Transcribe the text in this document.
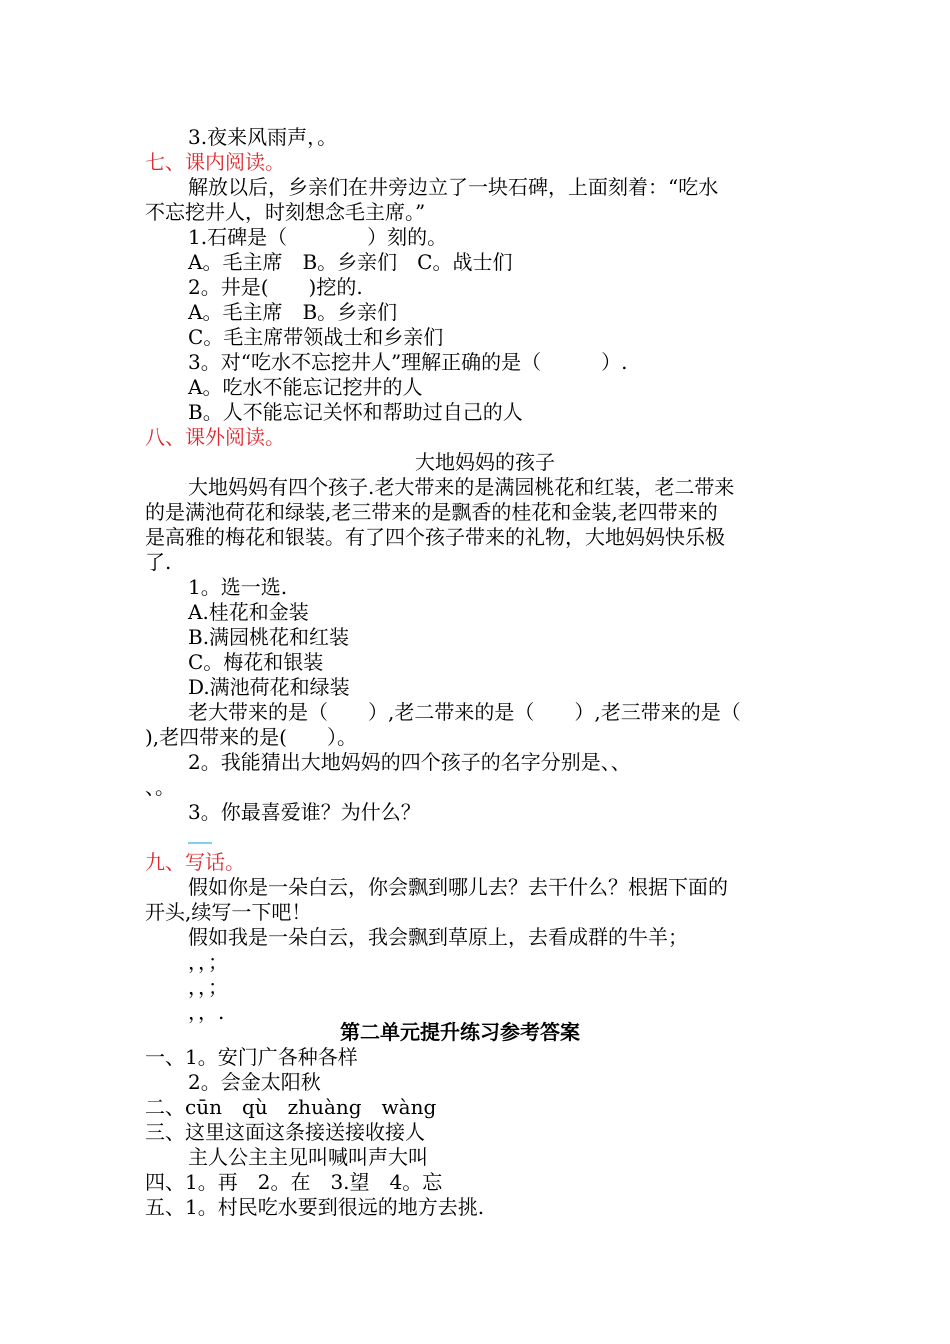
3.夜来风雨声，。
七、课内阅读。
解放以后，乡亲们在井旁边立了一块石碑，上面刻着：“吃水
不忘挖井人，时刻想念毛主席。”
1.石碑是（　　　　）刻的。
A。毛主席　B。乡亲们　C。战士们
2。井是(　　)挖的.
A。毛主席　B。乡亲们
C。毛主席带领战士和乡亲们
3。对“吃水不忘挖井人”理解正确的是（　　　）.
A。吃水不能忘记挖井的人
B。人不能忘记关怀和帮助过自己的人
八、课外阅读。
大地妈妈的孩子
大地妈妈有四个孩子.老大带来的是满园桃花和红装，老二带来
的是满池荷花和绿装,老三带来的是飘香的桂花和金装,老四带来的
是高雅的梅花和银装。有了四个孩子带来的礼物，大地妈妈快乐极
了.
1。选一选.
A.桂花和金装
B.满园桃花和红装
C。梅花和银装
D.满池荷花和绿装
老大带来的是（　　）,老二带来的是（　　）,老三带来的是（
),老四带来的是(　　）。
2。我能猜出大地妈妈的四个孩子的名字分别是、、
、。
3。你最喜爱谁？为什么？
九、写话。
假如你是一朵白云，你会飘到哪儿去？去干什么？根据下面的
开头,续写一下吧！
假如我是一朵白云，我会飘到草原上，去看成群的牛羊；
，，；
，，；
，，.
第二单元提升练习参考答案
一、1。安门广各种各样
2。会金太阳秋
二、cūn　qù　zhuàng　wàng
三、这里这面这条接送接收接人
主人公主主见叫喊叫声大叫
四、1。再　2。在　3.望　4。忘
五、1。村民吃水要到很远的地方去挑.
